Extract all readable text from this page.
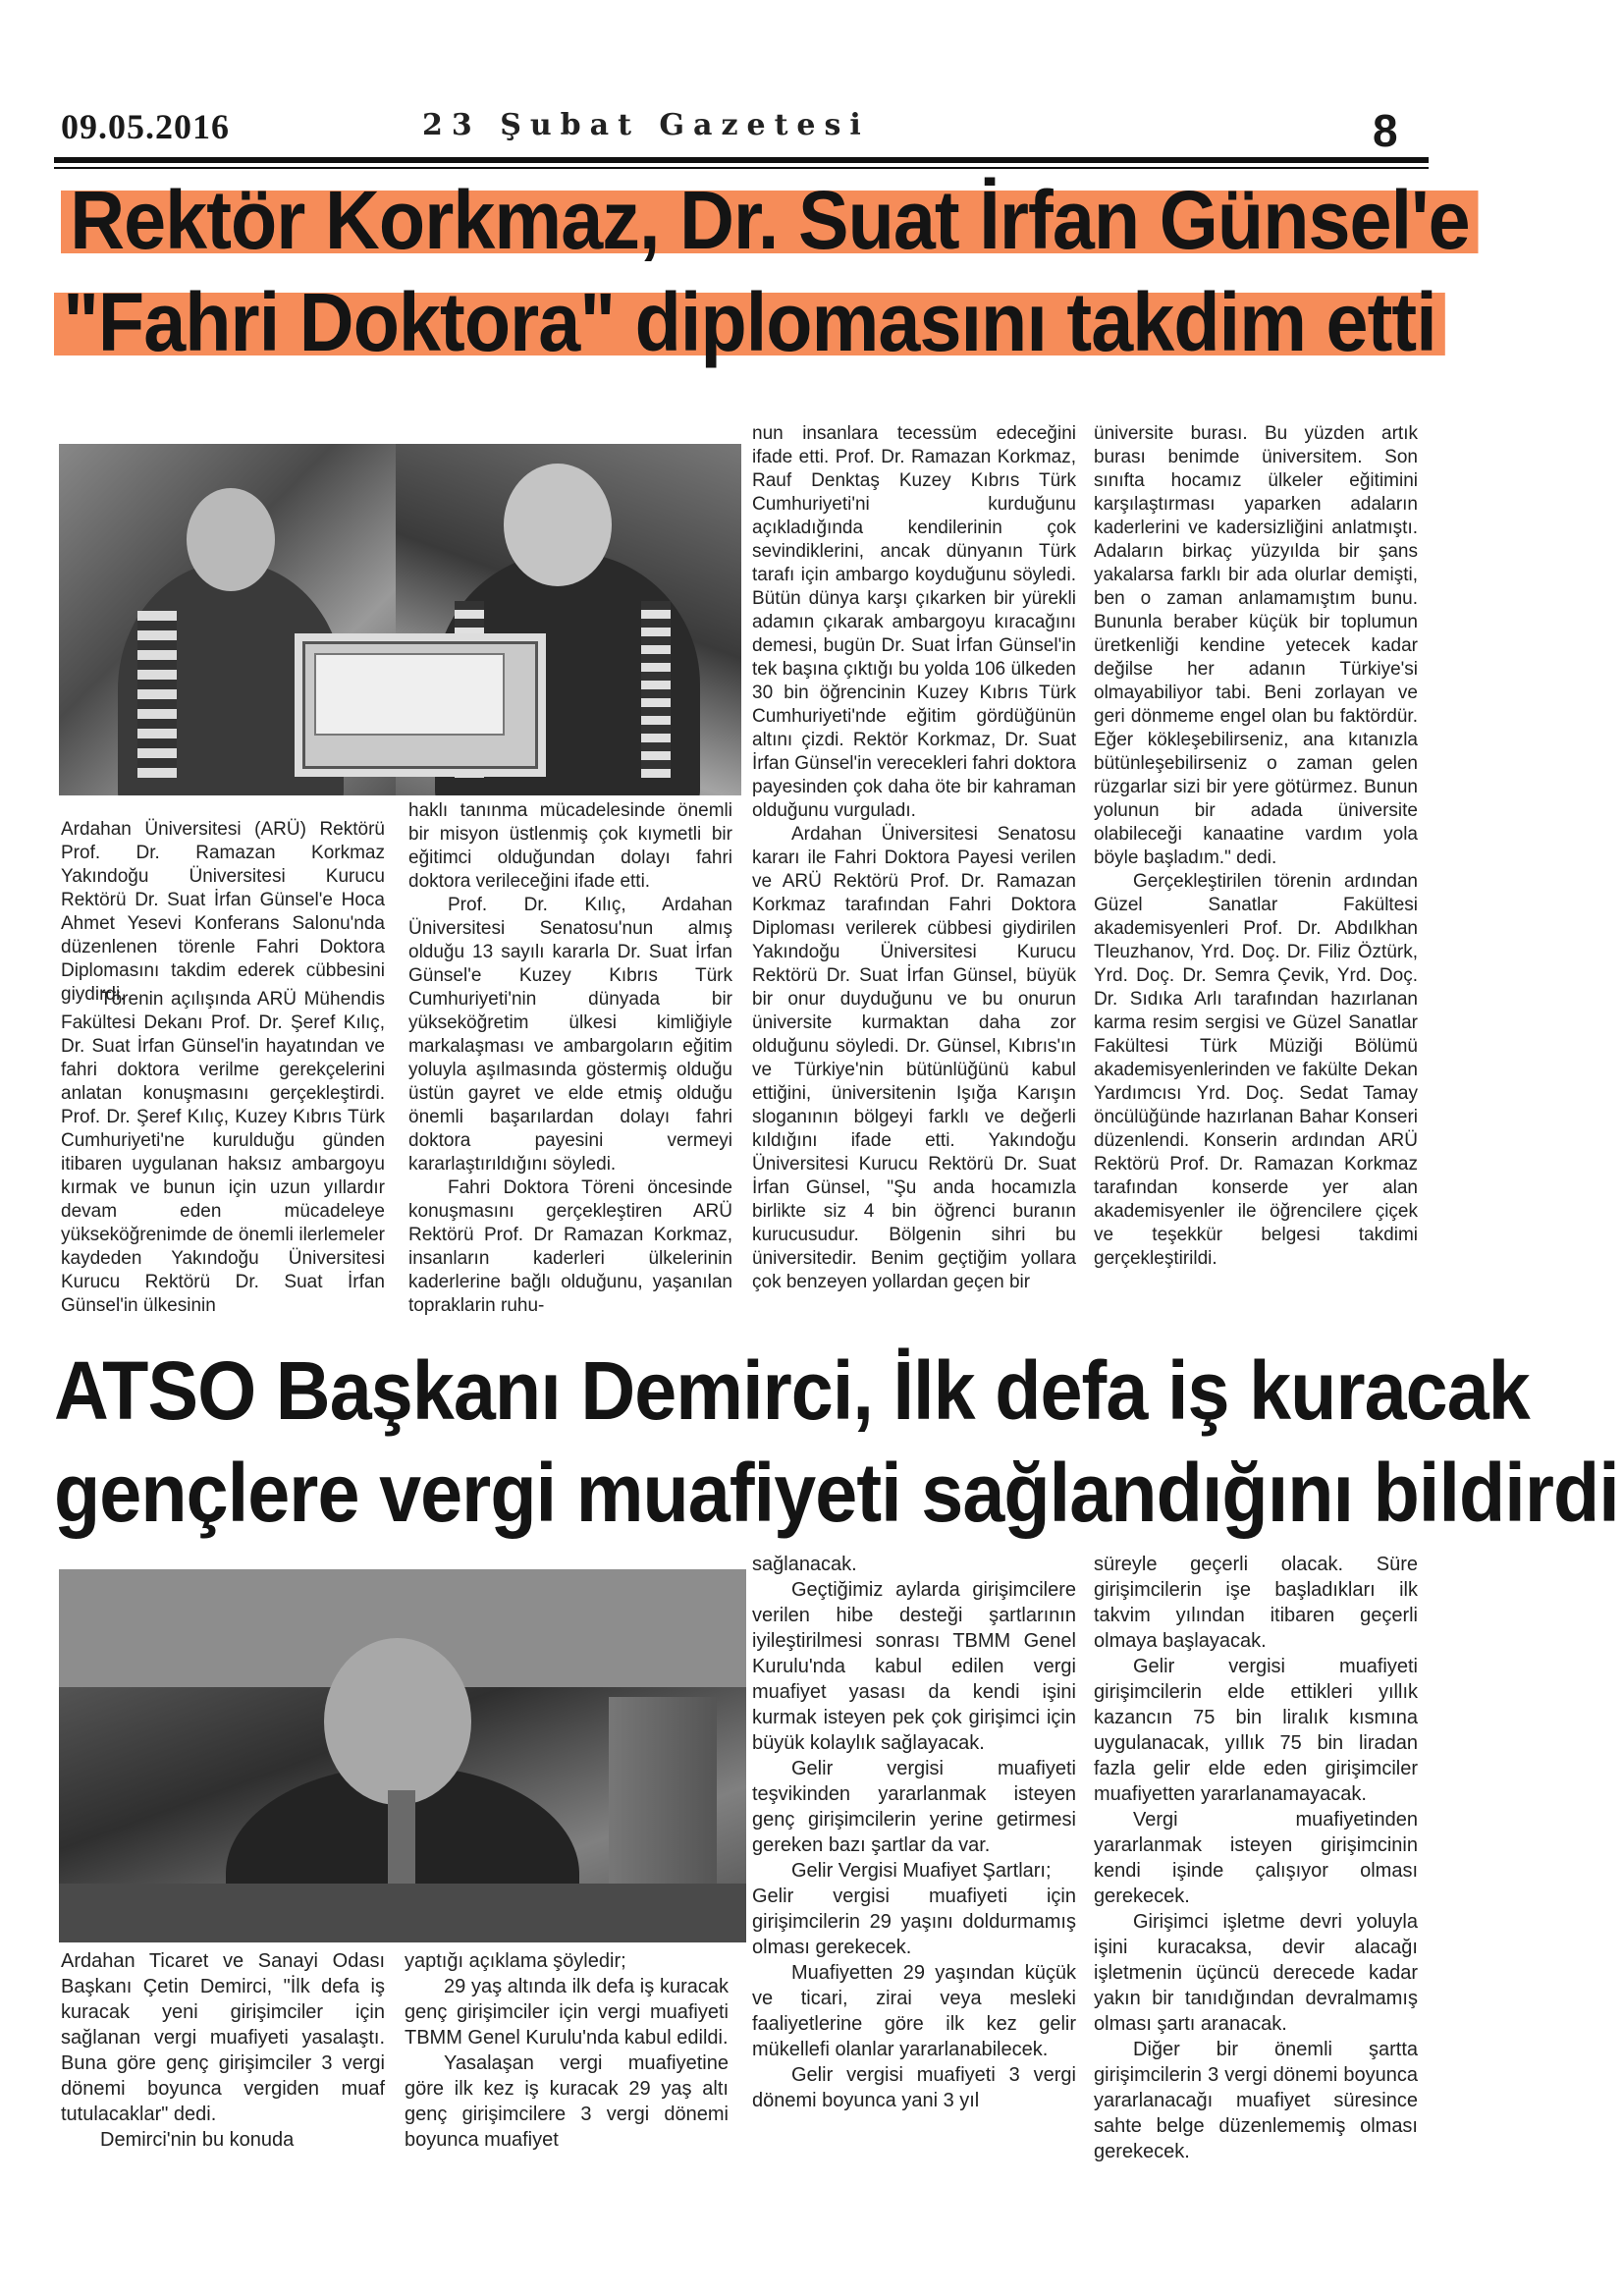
09.05.2016	23 Şubat Gazetesi	8
Rektör Korkmaz, Dr. Suat İrfan Günsel'e
"Fahri Doktora" diplomasını takdim etti

Ardahan Üniversitesi (ARÜ) Rektörü Prof. Dr. Ramazan Korkmaz Yakındoğu Üniversitesi Kurucu Rektörü Dr. Suat İrfan Günsel'e Hoca Ahmet Yesevi Konferans Salonu'nda düzenlenen törenle Fahri Doktora Diplomasını takdim ederek cübbesini giydirdi.

Törenin açılışında ARÜ Mühendis Fakültesi Dekanı Prof. Dr. Şeref Kılıç, Dr. Suat İrfan Günsel'in hayatından ve fahri doktora verilme gerekçelerini anlatan konuşmasını gerçekleştirdi. Prof. Dr. Şeref Kılıç, Kuzey Kıbrıs Türk Cumhuriyeti'ne kurulduğu günden itibaren uygulanan haksız ambargoyu kırmak ve bunun için uzun yıllardır devam eden mücadeleye yükseköğrenimde de önemli ilerlemeler kaydeden Yakındoğu Üniversitesi Kurucu Rektörü Dr. Suat İrfan Günsel'in ülkesinin

haklı tanınma mücadelesinde önemli bir misyon üstlenmiş çok kıymetli bir eğitimci olduğundan dolayı fahri doktora verileceğini ifade etti.

Prof. Dr. Kılıç, Ardahan Üniversitesi Senatosu'nun almış olduğu 13 sayılı kararla Dr. Suat İrfan Günsel'e Kuzey Kıbrıs Türk Cumhuriyeti'nin dünyada bir yükseköğretim ülkesi kimliğiyle markalaşması ve ambargoların eğitim yoluyla aşılmasında göstermiş olduğu üstün gayret ve elde etmiş olduğu önemli başarılardan dolayı fahri doktora payesini vermeyi kararlaştırıldığını söyledi.

Fahri Doktora Töreni öncesinde konuşmasını gerçekleştiren ARÜ Rektörü Prof. Dr Ramazan Korkmaz, insanların kaderleri ülkelerinin kaderlerine bağlı olduğunu, yaşanılan topraklarin ruhu-

nun insanlara tecessüm edeceğini ifade etti. Prof. Dr. Ramazan Korkmaz, Rauf Denktaş Kuzey Kıbrıs Türk Cumhuriyeti'ni kurduğunu açıkladığında kendilerinin çok sevindiklerini, ancak dünyanın Türk tarafı için ambargo koyduğunu söyledi. Bütün dünya karşı çıkarken bir yürekli adamın çıkarak ambargoyu kıracağını demesi, bugün Dr. Suat İrfan Günsel'in tek başına çıktığı bu yolda 106 ülkeden 30 bin öğrencinin Kuzey Kıbrıs Türk Cumhuriyeti'nde eğitim gördüğünün altını çizdi. Rektör Korkmaz, Dr. Suat İrfan Günsel'in verecekleri fahri doktora payesinden çok daha öte bir kahraman olduğunu vurguladı.

Ardahan Üniversitesi Senatosu kararı ile Fahri Doktora Payesi verilen ve ARÜ Rektörü Prof. Dr. Ramazan Korkmaz tarafından Fahri Doktora Diploması verilerek cübbesi giydirilen Yakındoğu Üniversitesi Kurucu Rektörü Dr. Suat İrfan Günsel, büyük bir onur duyduğunu ve bu onurun üniversite kurmaktan daha zor olduğunu söyledi. Dr. Günsel, Kıbrıs'ın ve Türkiye'nin bütünlüğünü kabul ettiğini, üniversitenin Işığa Karışın sloganının bölgeyi farklı ve değerli kıldığını ifade etti. Yakındoğu Üniversitesi Kurucu Rektörü Dr. Suat İrfan Günsel, "Şu anda hocamızla birlikte siz 4 bin öğrenci buranın kurucusudur. Bölgenin sihri bu üniversitedir. Benim geçtiğim yollara çok benzeyen yollardan geçen bir

üniversite burası. Bu yüzden artık burası benimde üniversitem. Son sınıfta hocamız ülkeler eğitimini karşılaştırması yaparken adaların kaderlerini ve kadersizliğini anlatmıştı. Adaların birkaç yüzyılda bir şans yakalarsa farklı bir ada olurlar demişti, ben o zaman anlamamıştım bunu. Bununla beraber küçük bir toplumun üretkenliği kendine yetecek kadar değilse her adanın Türkiye'si olmayabiliyor tabi. Beni zorlayan ve geri dönmeme engel olan bu faktördür. Eğer kökleşebilirseniz, ana kıtanızla bütünleşebilirseniz o zaman gelen rüzgarlar sizi bir yere götürmez. Bunun yolunun bir adada üniversite olabileceği kanaatine vardım yola böyle başladım." dedi.

Gerçekleştirilen törenin ardından Güzel Sanatlar Fakültesi akademisyenleri Prof. Dr. Abdılkhan Tleuzhanov, Yrd. Doç. Dr. Filiz Öztürk, Yrd. Doç. Dr. Semra Çevik, Yrd. Doç. Dr. Sıdıka Arlı tarafından hazırlanan karma resim sergisi ve Güzel Sanatlar Fakültesi Türk Müziği Bölümü akademisyenlerinden ve fakülte Dekan Yardımcısı Yrd. Doç. Sedat Tamay öncülüğünde hazırlanan Bahar Konseri düzenlendi. Konserin ardından ARÜ Rektörü Prof. Dr. Ramazan Korkmaz tarafından konserde yer alan akademisyenler ile öğrencilere çiçek ve teşekkür belgesi takdimi gerçekleştirildi.

ATSO Başkanı Demirci, İlk defa iş kuracak
gençlere vergi muafiyeti sağlandığını bildirdi

Ardahan Ticaret ve Sanayi Odası Başkanı Çetin Demirci, "İlk defa iş kuracak yeni girişimciler için sağlanan vergi muafiyeti yasalaştı. Buna göre genç girişimciler 3 vergi dönemi boyunca vergiden muaf tutulacaklar" dedi.

Demirci'nin bu konuda

yaptığı açıklama şöyledir;

29 yaş altında ilk defa iş kuracak genç girişimciler için vergi muafiyeti TBMM Genel Kurulu'nda kabul edildi.

Yasalaşan vergi muafiyetine göre ilk kez iş kuracak 29 yaş altı genç girişimcilere 3 vergi dönemi boyunca muafiyet

sağlanacak.

Geçtiğimiz aylarda girişimcilere verilen hibe desteği şartlarının iyileştirilmesi sonrası TBMM Genel Kurulu'nda kabul edilen vergi muafiyet yasası da kendi işini kurmak isteyen pek çok girişimci için büyük kolaylık sağlayacak.

Gelir vergisi muafiyeti teşvikinden yararlanmak isteyen genç girişimcilerin yerine getirmesi gereken bazı şartlar da var.

Gelir Vergisi Muafiyet Şartları;

Gelir vergisi muafiyeti için girişimcilerin 29 yaşını doldurmamış olması gerekecek.

Muafiyetten 29 yaşından küçük ve ticari, zirai veya mesleki faaliyetlerine göre ilk kez gelir mükellefi olanlar yararlanabilecek.

Gelir vergisi muafiyeti 3 vergi dönemi boyunca yani 3 yıl

süreyle geçerli olacak. Süre girişimcilerin işe başladıkları ilk takvim yılından itibaren geçerli olmaya başlayacak.

Gelir vergisi muafiyeti girişimcilerin elde ettikleri yıllık kazancın 75 bin liralık kısmına uygulanacak, yıllık 75 bin liradan fazla gelir elde eden girişimciler muafiyetten yararlanamayacak.

Vergi muafiyetinden yararlanmak isteyen girişimcinin kendi işinde çalışıyor olması gerekecek.

Girişimci işletme devri yoluyla işini kuracaksa, devir alacağı işletmenin üçüncü derecede kadar yakın bir tanıdığından devralmamış olması şartı aranacak.

Diğer bir önemli şartta girişimcilerin 3 vergi dönemi boyunca yararlanacağı muafiyet süresince sahte belge düzenlememiş olması gerekecek.
